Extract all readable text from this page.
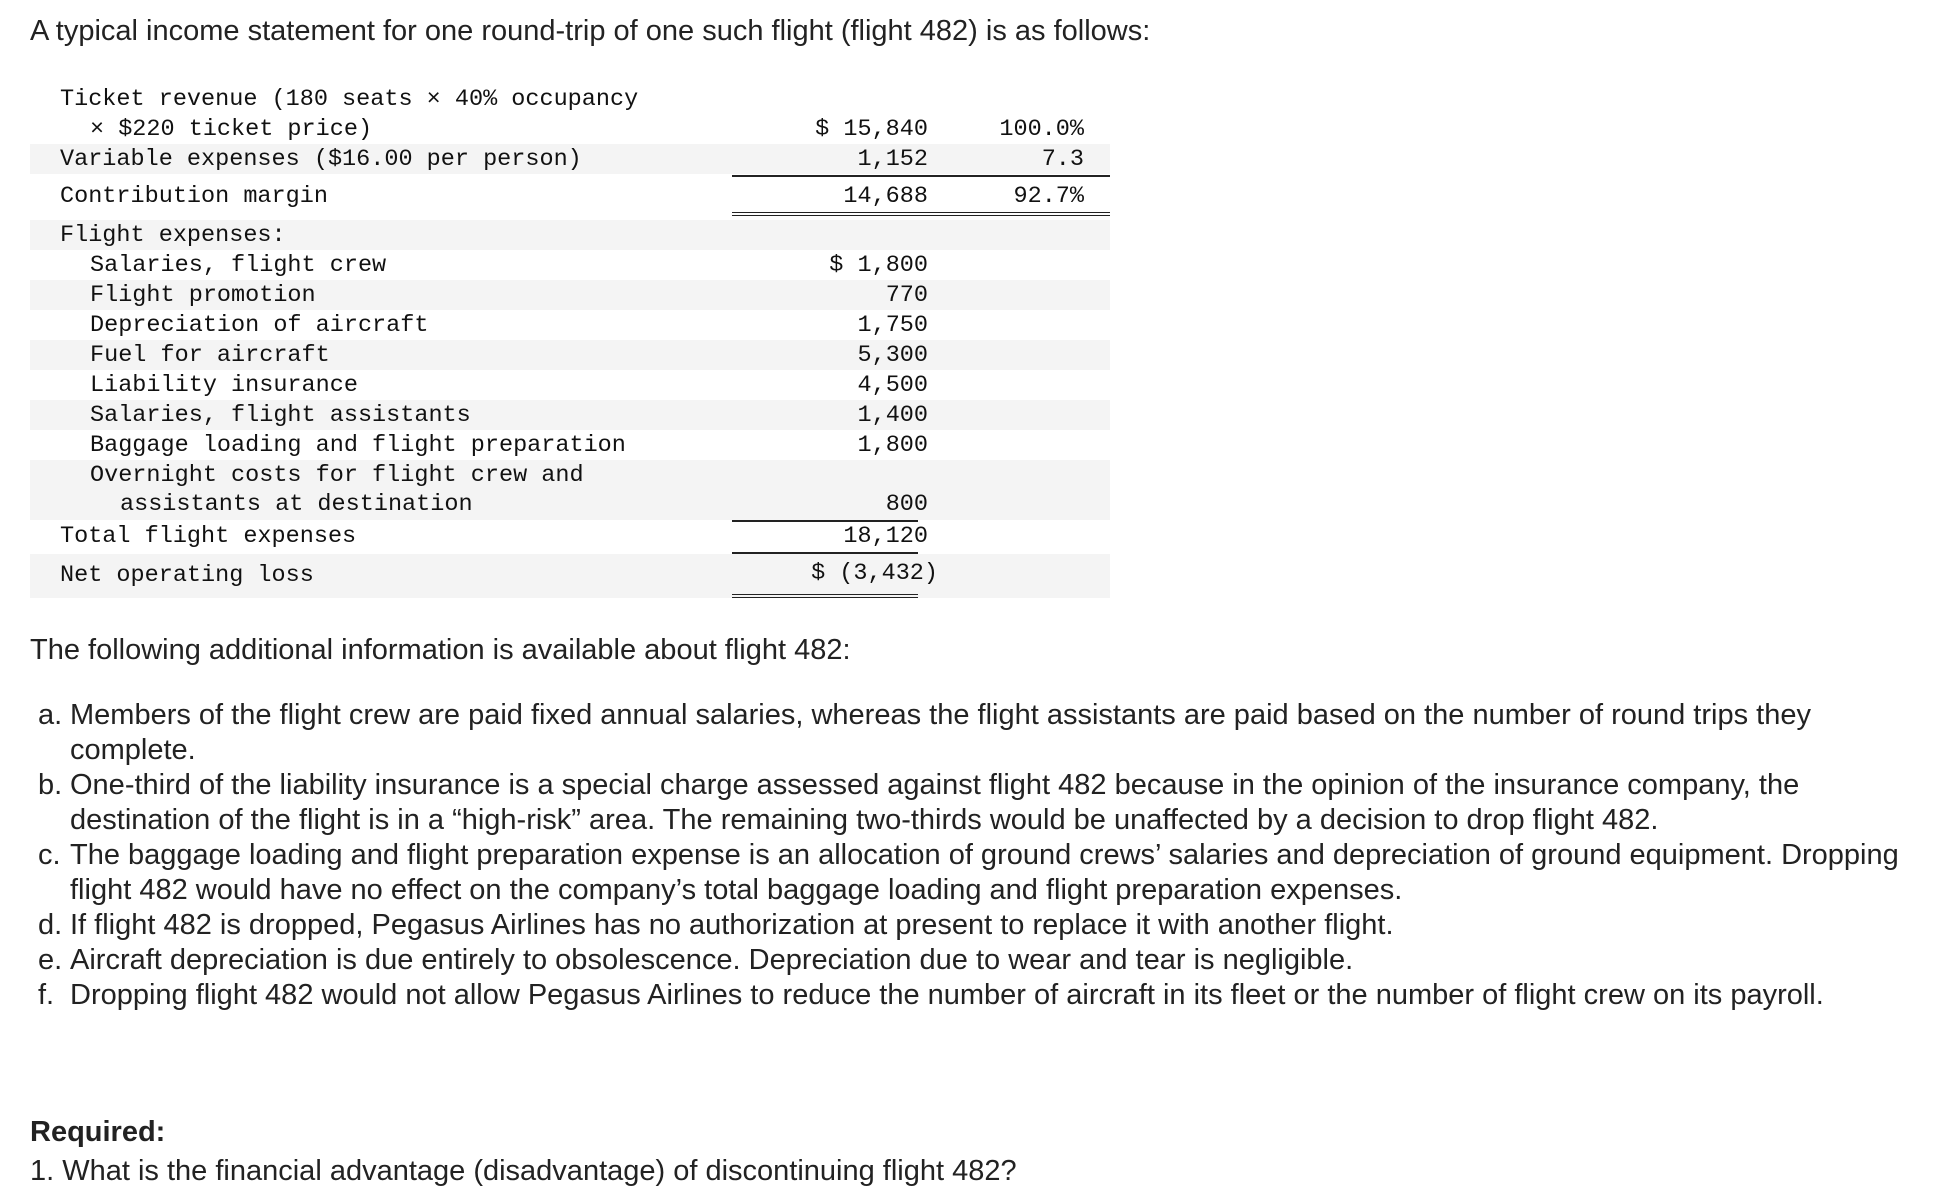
A typical income statement for one round-trip of one such flight (flight 482) is as follows:

Ticket revenue (180 seats × 40% occupancy
× $220 ticket price)	$ 15,840	100.0%
Variable expenses ($16.00 per person)	1,152	7.3
Contribution margin	14,688	92.7%
Flight expenses:
Salaries, flight crew	$ 1,800
Flight promotion	770
Depreciation of aircraft	1,750
Fuel for aircraft	5,300
Liability insurance	4,500
Salaries, flight assistants	1,400
Baggage loading and flight preparation	1,800
Overnight costs for flight crew and
assistants at destination	800
Total flight expenses	18,120
Net operating loss	$ (3,432)
The following additional information is available about flight 482:
a. Members of the flight crew are paid fixed annual salaries, whereas the flight assistants are paid based on the number of round trips they complete.
b. One-third of the liability insurance is a special charge assessed against flight 482 because in the opinion of the insurance company, the destination of the flight is in a “high-risk” area. The remaining two-thirds would be unaffected by a decision to drop flight 482.
c. The baggage loading and flight preparation expense is an allocation of ground crews’ salaries and depreciation of ground equipment. Dropping flight 482 would have no effect on the company’s total baggage loading and flight preparation expenses.
d. If flight 482 is dropped, Pegasus Airlines has no authorization at present to replace it with another flight.
e. Aircraft depreciation is due entirely to obsolescence. Depreciation due to wear and tear is negligible.
f. Dropping flight 482 would not allow Pegasus Airlines to reduce the number of aircraft in its fleet or the number of flight crew on its payroll.
Required:
1. What is the financial advantage (disadvantage) of discontinuing flight 482?
